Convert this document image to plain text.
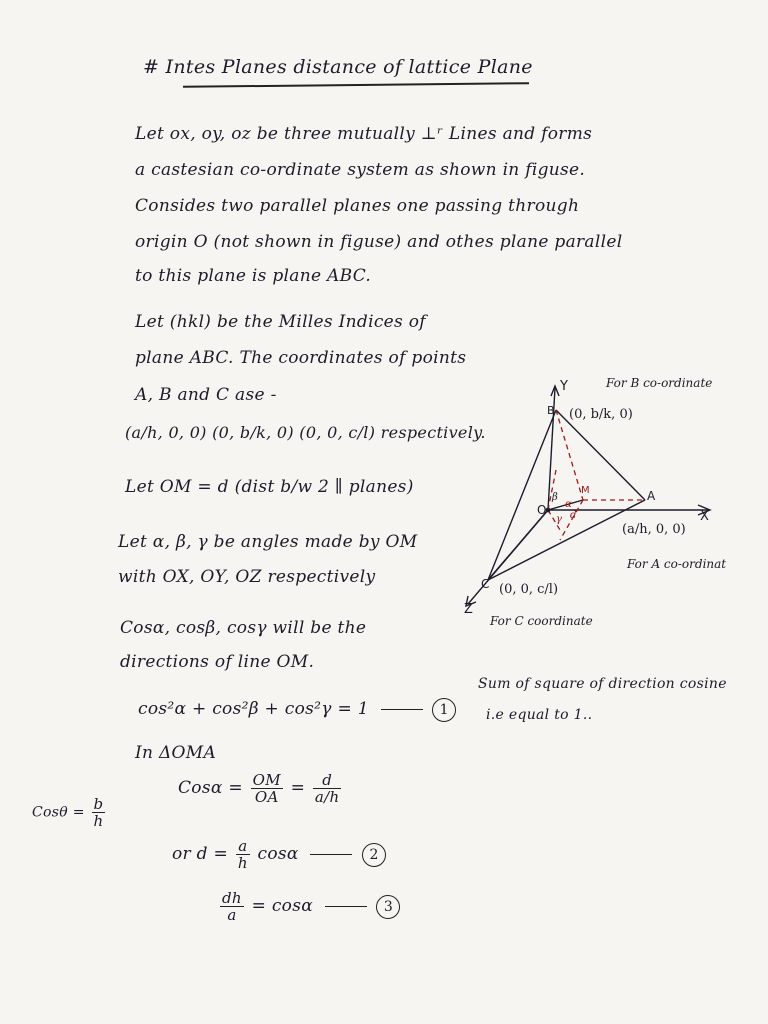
# Intes Planes distance of lattice Plane
Let ox, oy, oz be three mutually ⊥ʳ Lines and forms
a castesian co-ordinate system as shown in figuse.
Consides two parallel planes one passing through
origin O (not shown in figuse) and othes plane parallel
to this plane is plane ABC.
Let (hkl) be the Milles Indices of
plane ABC. The coordinates of points
A, B and C ase -
(a/h, 0, 0) (0, b/k, 0) (0, 0, c/l) respectively.
Let OM = d (dist b/w 2 ∥ planes)
Let α, β, γ be angles made by OM
with OX, OY, OZ respectively
Cosα, cosβ, cosγ will be the
directions of line OM.
cos²α + cos²β + cos²γ = 1	1
Sum of square of direction cosine
i.e equal to 1..
In ΔOMA
$Cos\alpha = \frac{OM}{OA} = \frac{d}{a/h}$
or $d = \frac{a}{h}$ cosα	2
$\frac{dh}{a} = \cos\alpha$	3
$Cos\theta = \frac{b}{h}$
Y
X
Z
O
A
B
C
M
α
β
γ d
(0, b/k, 0)
(a/h, 0, 0)
(0, 0, c/l)
For B co-ordinate
For A co-ordinat
For C coordinate
